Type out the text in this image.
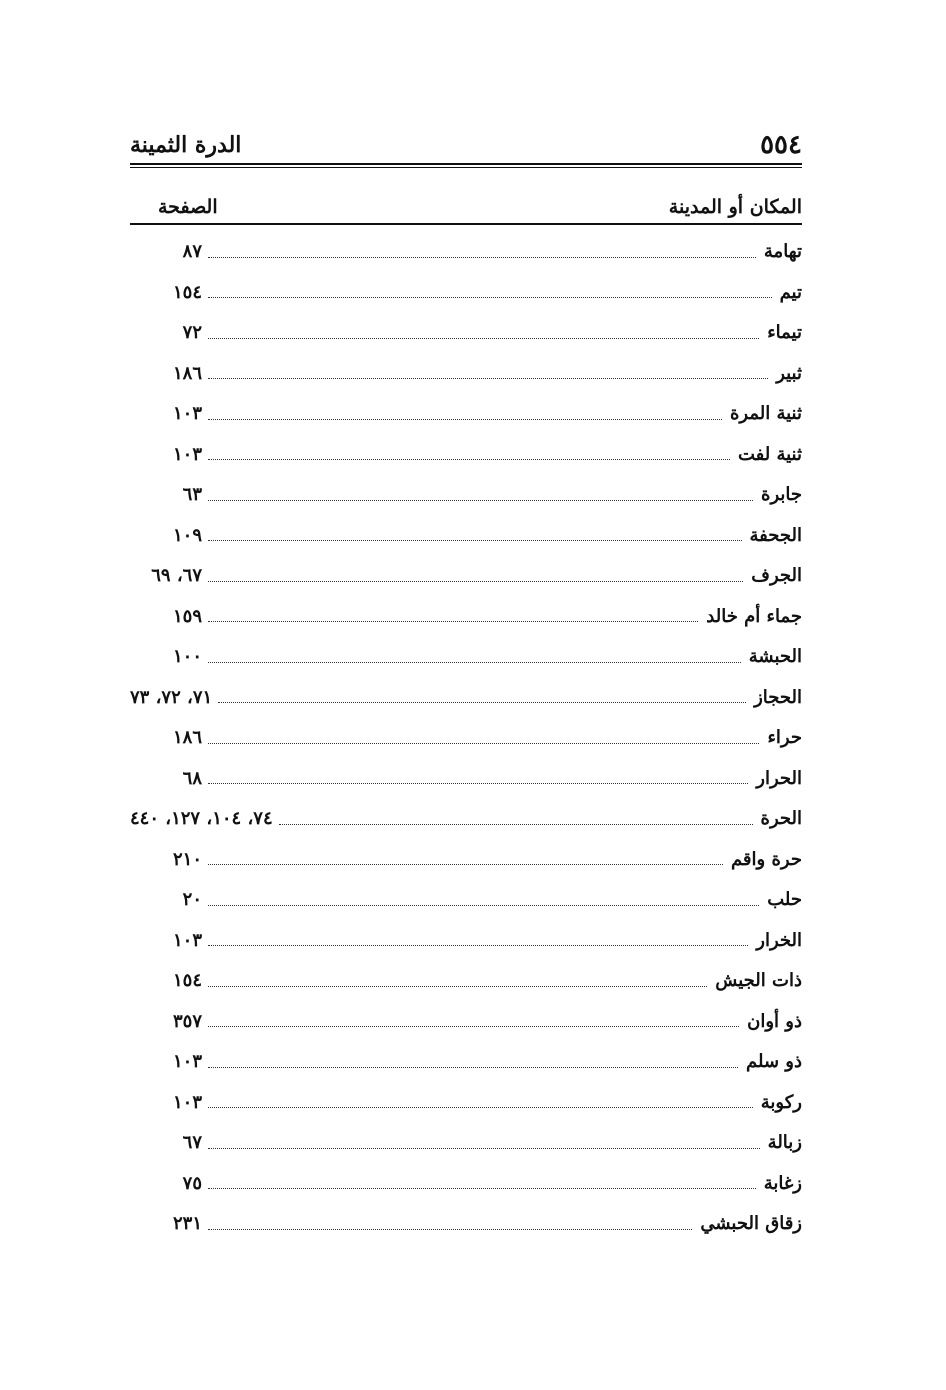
٥٥٤
الدرة الثمينة
المكان أو المدينة
الصفحة
تهامة
٨٧
تيم
١٥٤
تيماء
٧٢
ثبير
١٨٦
ثنية المرة
١٠٣
ثنية لفت
١٠٣
جابرة
٦٣
الجحفة
١٠٩
الجرف
٦٧، ٦٩
جماء أم خالد
١٥٩
الحبشة
١٠٠
الحجاز
٧١، ٧٢، ٧٣
حراء
١٨٦
الحرار
٦٨
الحرة
٧٤، ١٠٤، ١٢٧، ٤٤٠
حرة واقم
٢١٠
حلب
٢٠
الخرار
١٠٣
ذات الجيش
١٥٤
ذو أوان
٣٥٧
ذو سلم
١٠٣
ركوبة
١٠٣
زبالة
٦٧
زغابة
٧٥
زقاق الحبشي
٢٣١
